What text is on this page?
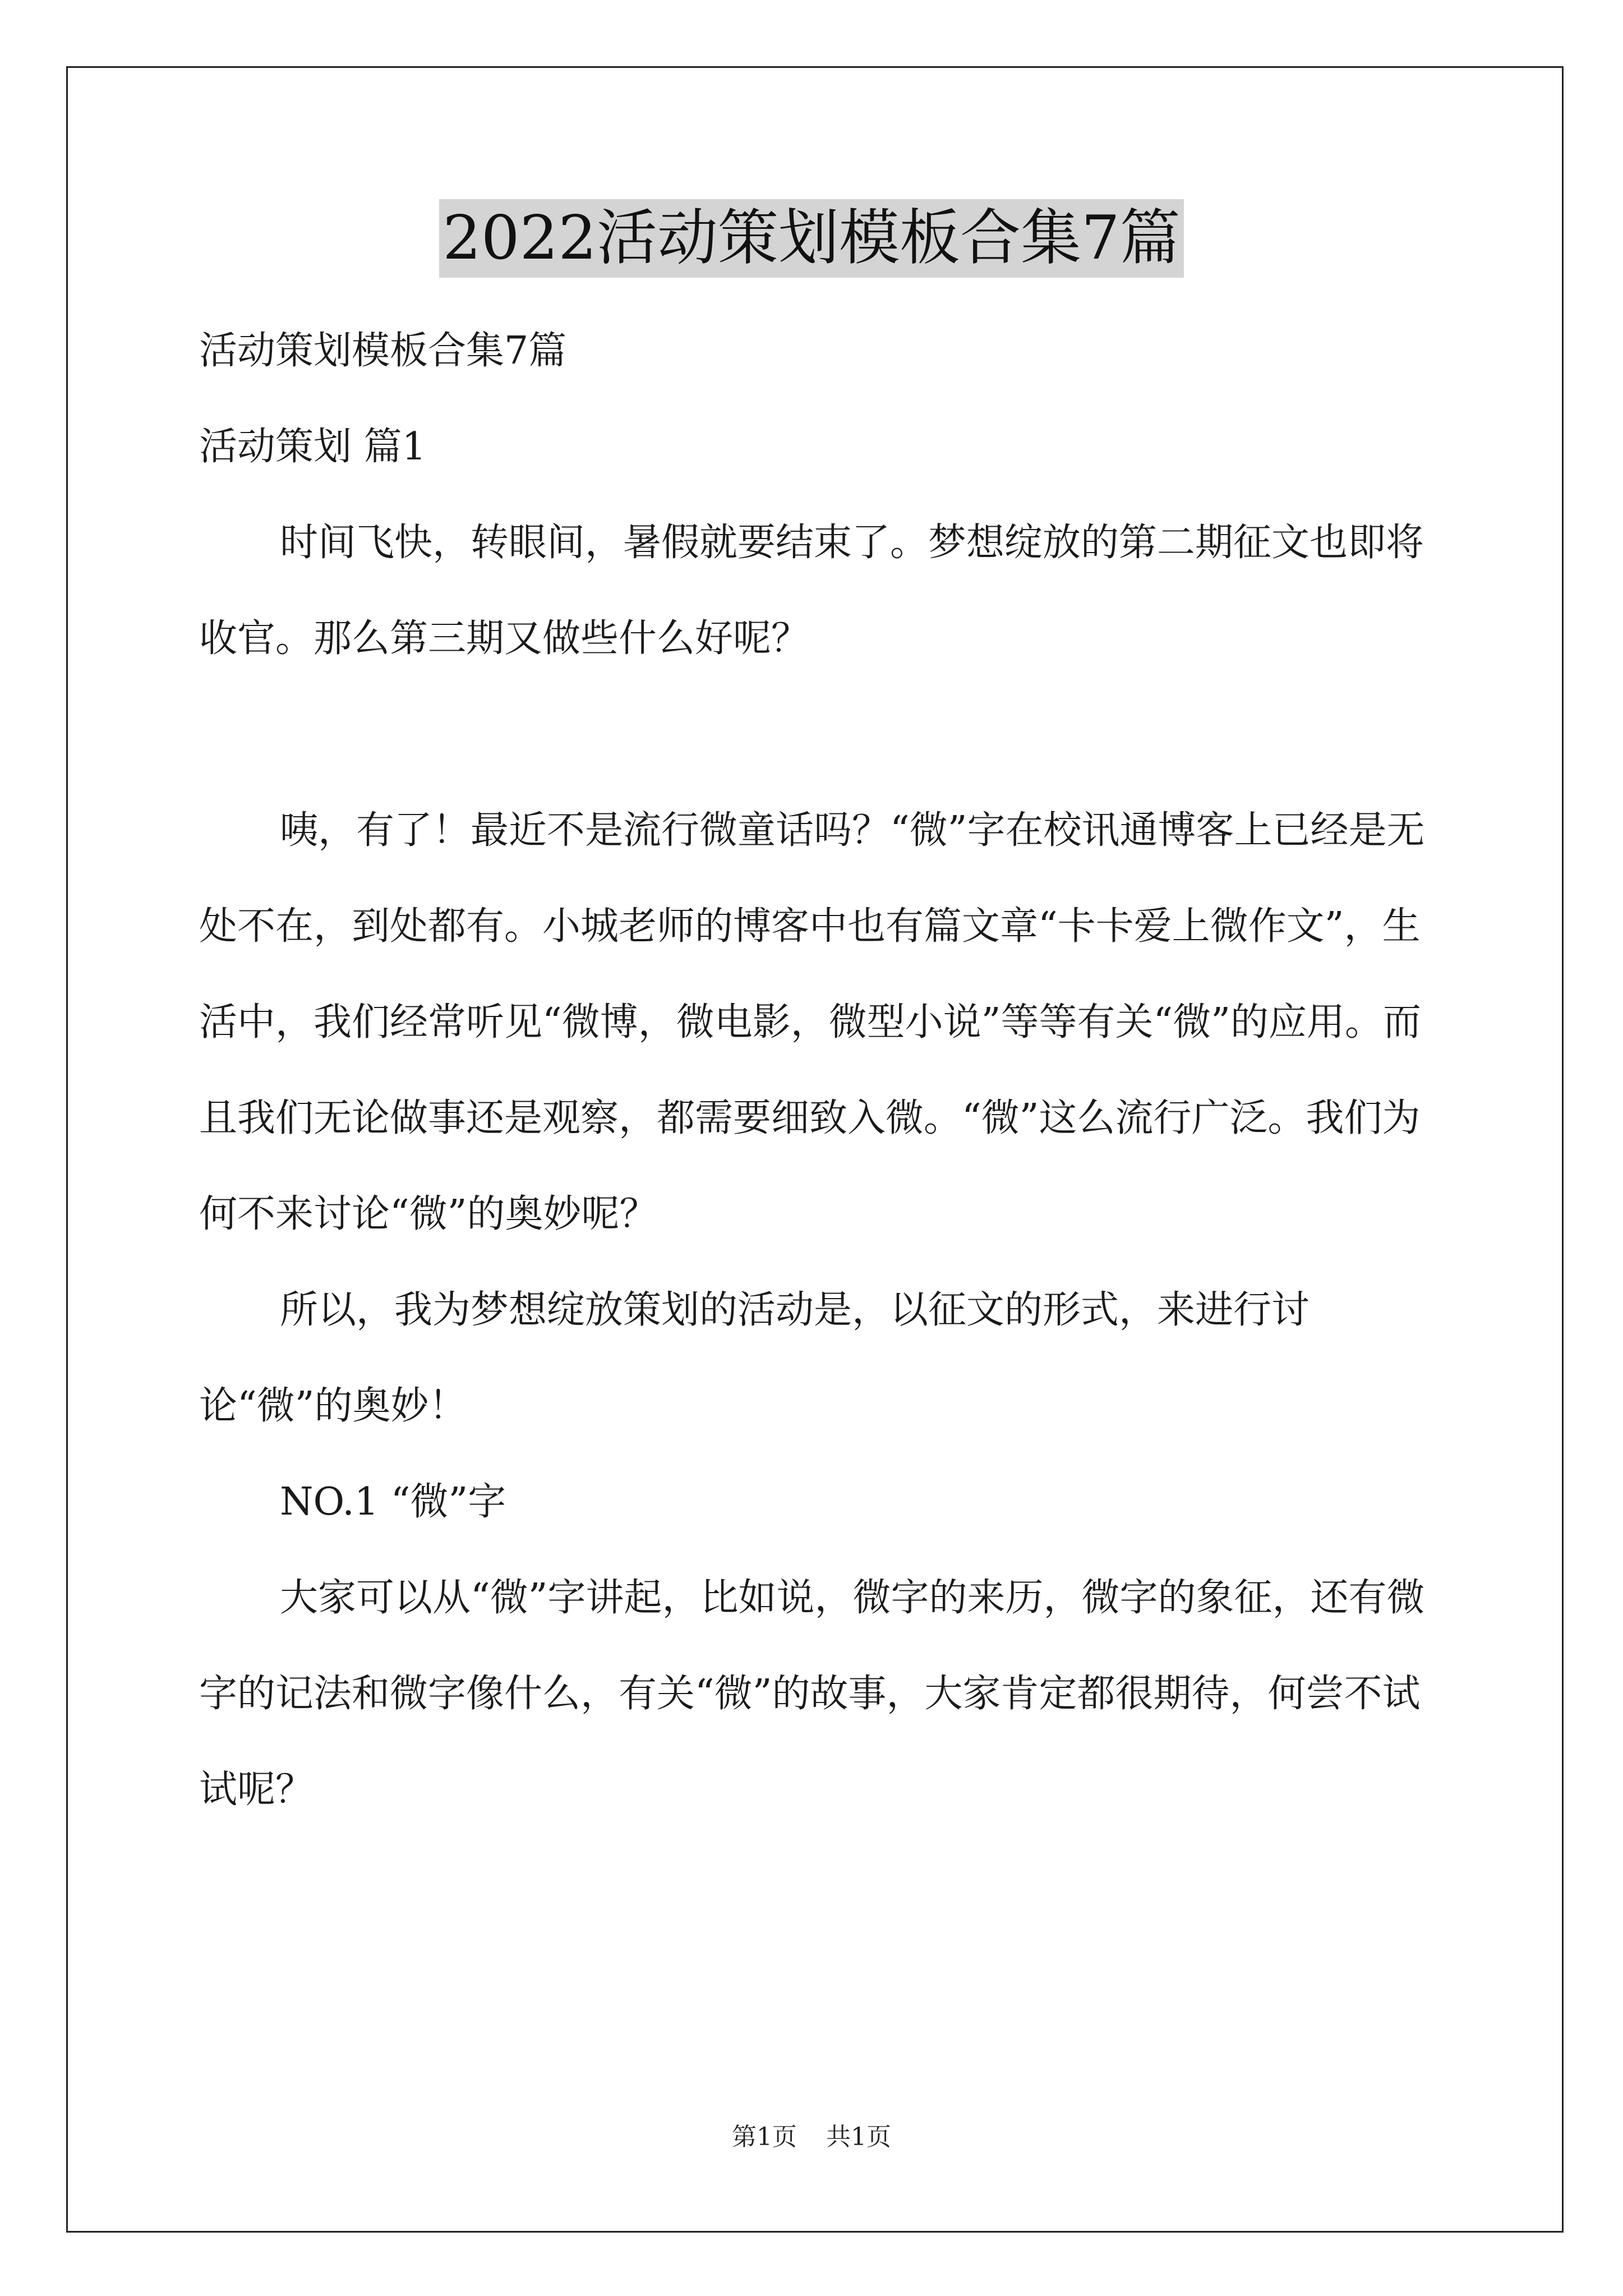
2022活动策划模板合集7篇

活动策划模板合集7篇

活动策划 篇1

时间飞快，转眼间，暑假就要结束了。梦想绽放的第二期征文也即将收官。那么第三期又做些什么好呢？

咦，有了！最近不是流行微童话吗？“微”字在校讯通博客上已经是无处不在，到处都有。小城老师的博客中也有篇文章“卡卡爱上微作文”，生活中，我们经常听见“微博，微电影，微型小说”等等有关“微”的应用。而且我们无论做事还是观察，都需要细致入微。“微”这么流行广泛。我们为何不来讨论“微”的奥妙呢？

所以，我为梦想绽放策划的活动是，以征文的形式，来进行讨论“微”的奥妙！

NO.1 “微”字

大家可以从“微”字讲起，比如说，微字的来历，微字的象征，还有微字的记法和微字像什么，有关“微”的故事，大家肯定都很期待，何尝不试试呢？

第1页 共1页
